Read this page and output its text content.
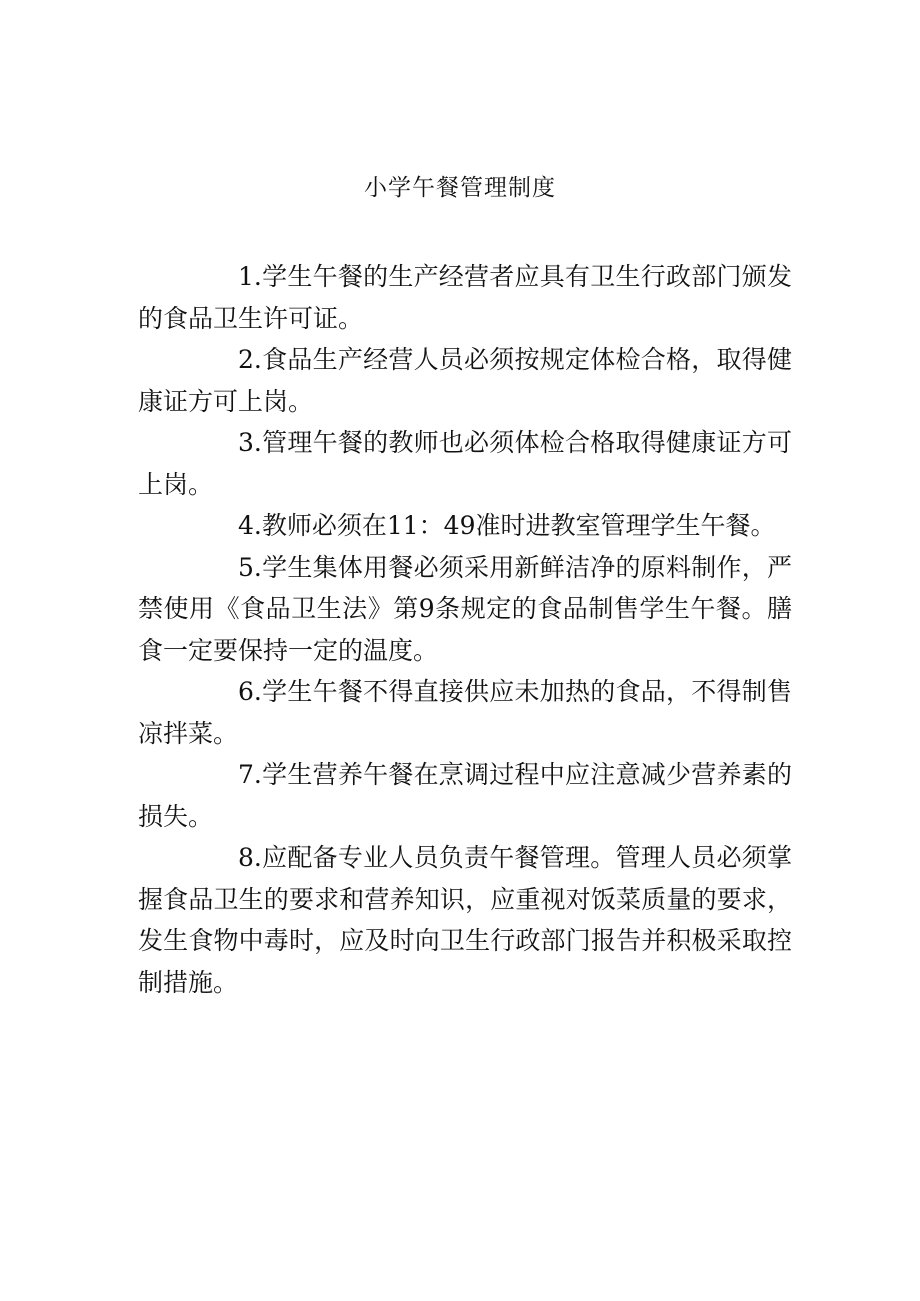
小学午餐管理制度

1.学生午餐的生产经营者应具有卫生行政部门颁发的食品卫生许可证。

2.食品生产经营人员必须按规定体检合格，取得健康证方可上岗。

3.管理午餐的教师也必须体检合格取得健康证方可上岗。

4.教师必须在11：49准时进教室管理学生午餐。

5.学生集体用餐必须采用新鲜洁净的原料制作，严禁使用《食品卫生法》第9条规定的食品制售学生午餐。膳食一定要保持一定的温度。

6.学生午餐不得直接供应未加热的食品，不得制售凉拌菜。

7.学生营养午餐在烹调过程中应注意减少营养素的损失。

8.应配备专业人员负责午餐管理。管理人员必须掌握食品卫生的要求和营养知识，应重视对饭菜质量的要求，发生食物中毒时，应及时向卫生行政部门报告并积极采取控制措施。
